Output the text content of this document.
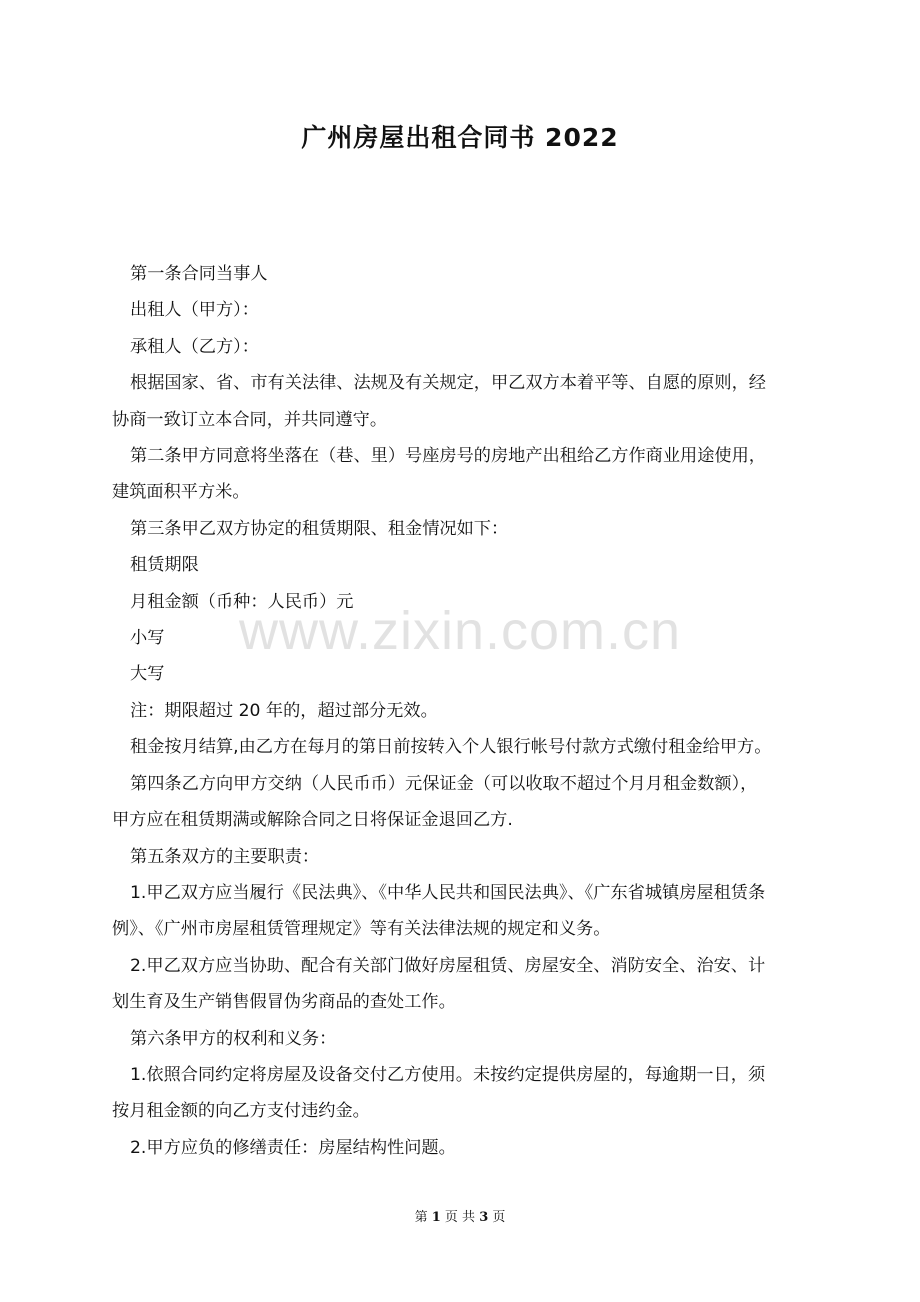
广州房屋出租合同书 2022
第一条合同当事人
出租人（甲方）：
承租人（乙方）：
根据国家、省、市有关法律、法规及有关规定，甲乙双方本着平等、自愿的原则，经
协商一致订立本合同，并共同遵守。
第二条甲方同意将坐落在（巷、里）号座房号的房地产出租给乙方作商业用途使用，
建筑面积平方米。
第三条甲乙双方协定的租赁期限、租金情况如下：
租赁期限
月租金额（币种：人民币）元
小写
大写
注：期限超过 20 年的，超过部分无效。
租金按月结算,由乙方在每月的第日前按转入个人银行帐号付款方式缴付租金给甲方。
第四条乙方向甲方交纳（人民币币）元保证金（可以收取不超过个月月租金数额），
甲方应在租赁期满或解除合同之日将保证金退回乙方.
第五条双方的主要职责：
1.甲乙双方应当履行《民法典》、《中华人民共和国民法典》、《广东省城镇房屋租赁条
例》、《广州市房屋租赁管理规定》等有关法律法规的规定和义务。
2.甲乙双方应当协助、配合有关部门做好房屋租赁、房屋安全、消防安全、治安、计
划生育及生产销售假冒伪劣商品的查处工作。
第六条甲方的权利和义务：
1.依照合同约定将房屋及设备交付乙方使用。未按约定提供房屋的，每逾期一日，须
按月租金额的向乙方支付违约金。
2.甲方应负的修缮责任：房屋结构性问题。
www.zixin.com.cn
第 1 页 共 3 页
